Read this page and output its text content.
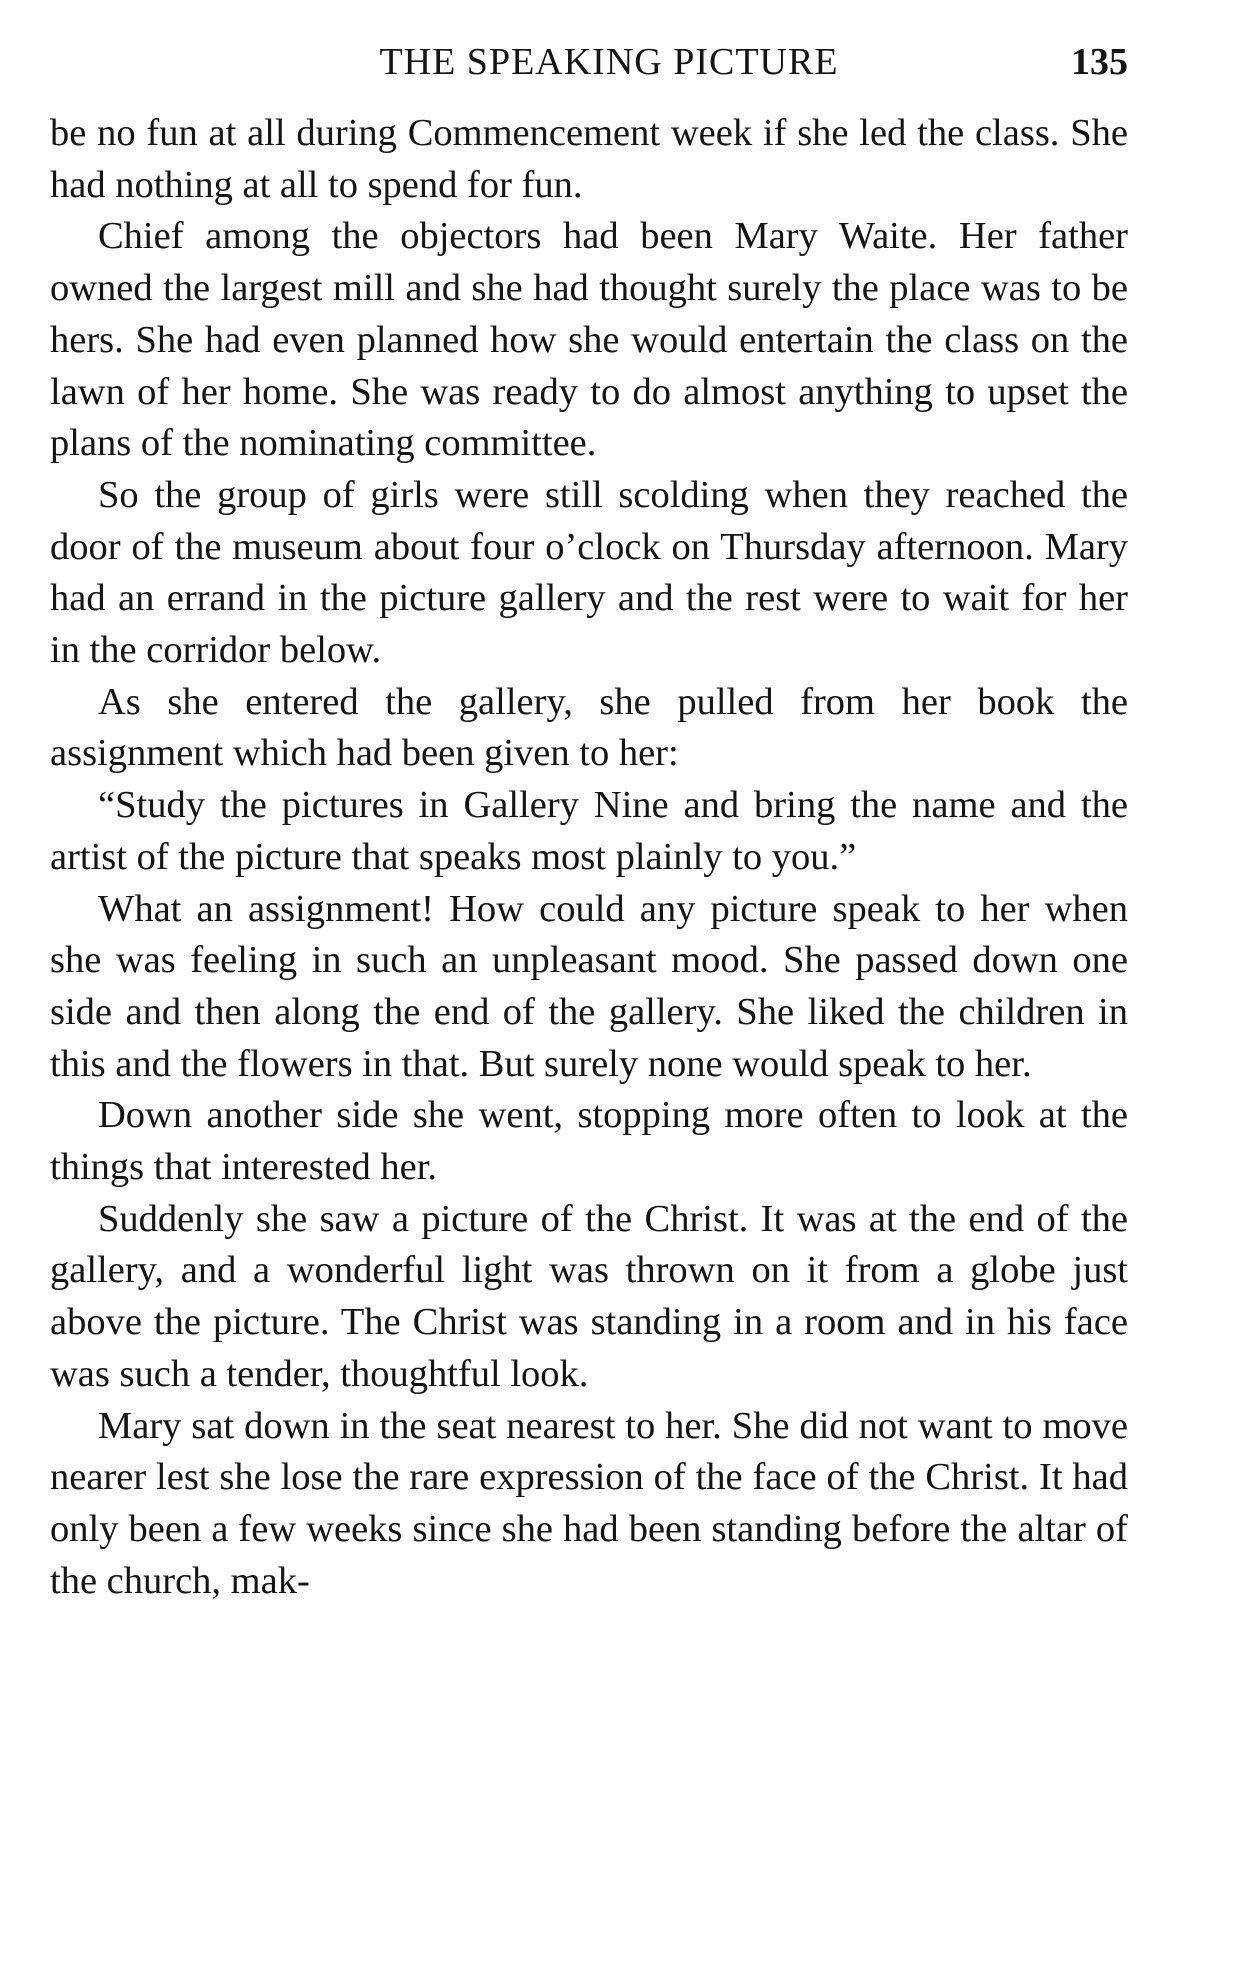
THE SPEAKING PICTURE	135

be no fun at all during Commencement week if she led the class. She had nothing at all to spend for fun.

Chief among the objectors had been Mary Waite. Her father owned the largest mill and she had thought surely the place was to be hers. She had even planned how she would entertain the class on the lawn of her home. She was ready to do almost anything to upset the plans of the nominating committee.

So the group of girls were still scolding when they reached the door of the museum about four o’clock on Thursday afternoon. Mary had an errand in the picture gallery and the rest were to wait for her in the corridor below.

As she entered the gallery, she pulled from her book the assignment which had been given to her:

“Study the pictures in Gallery Nine and bring the name and the artist of the picture that speaks most plainly to you.”

What an assignment! How could any picture speak to her when she was feeling in such an unpleasant mood. She passed down one side and then along the end of the gallery. She liked the children in this and the flowers in that. But surely none would speak to her.

Down another side she went, stopping more often to look at the things that interested her.

Suddenly she saw a picture of the Christ. It was at the end of the gallery, and a wonderful light was thrown on it from a globe just above the picture. The Christ was standing in a room and in his face was such a tender, thoughtful look.

Mary sat down in the seat nearest to her. She did not want to move nearer lest she lose the rare expression of the face of the Christ. It had only been a few weeks since she had been standing before the altar of the church, mak-
